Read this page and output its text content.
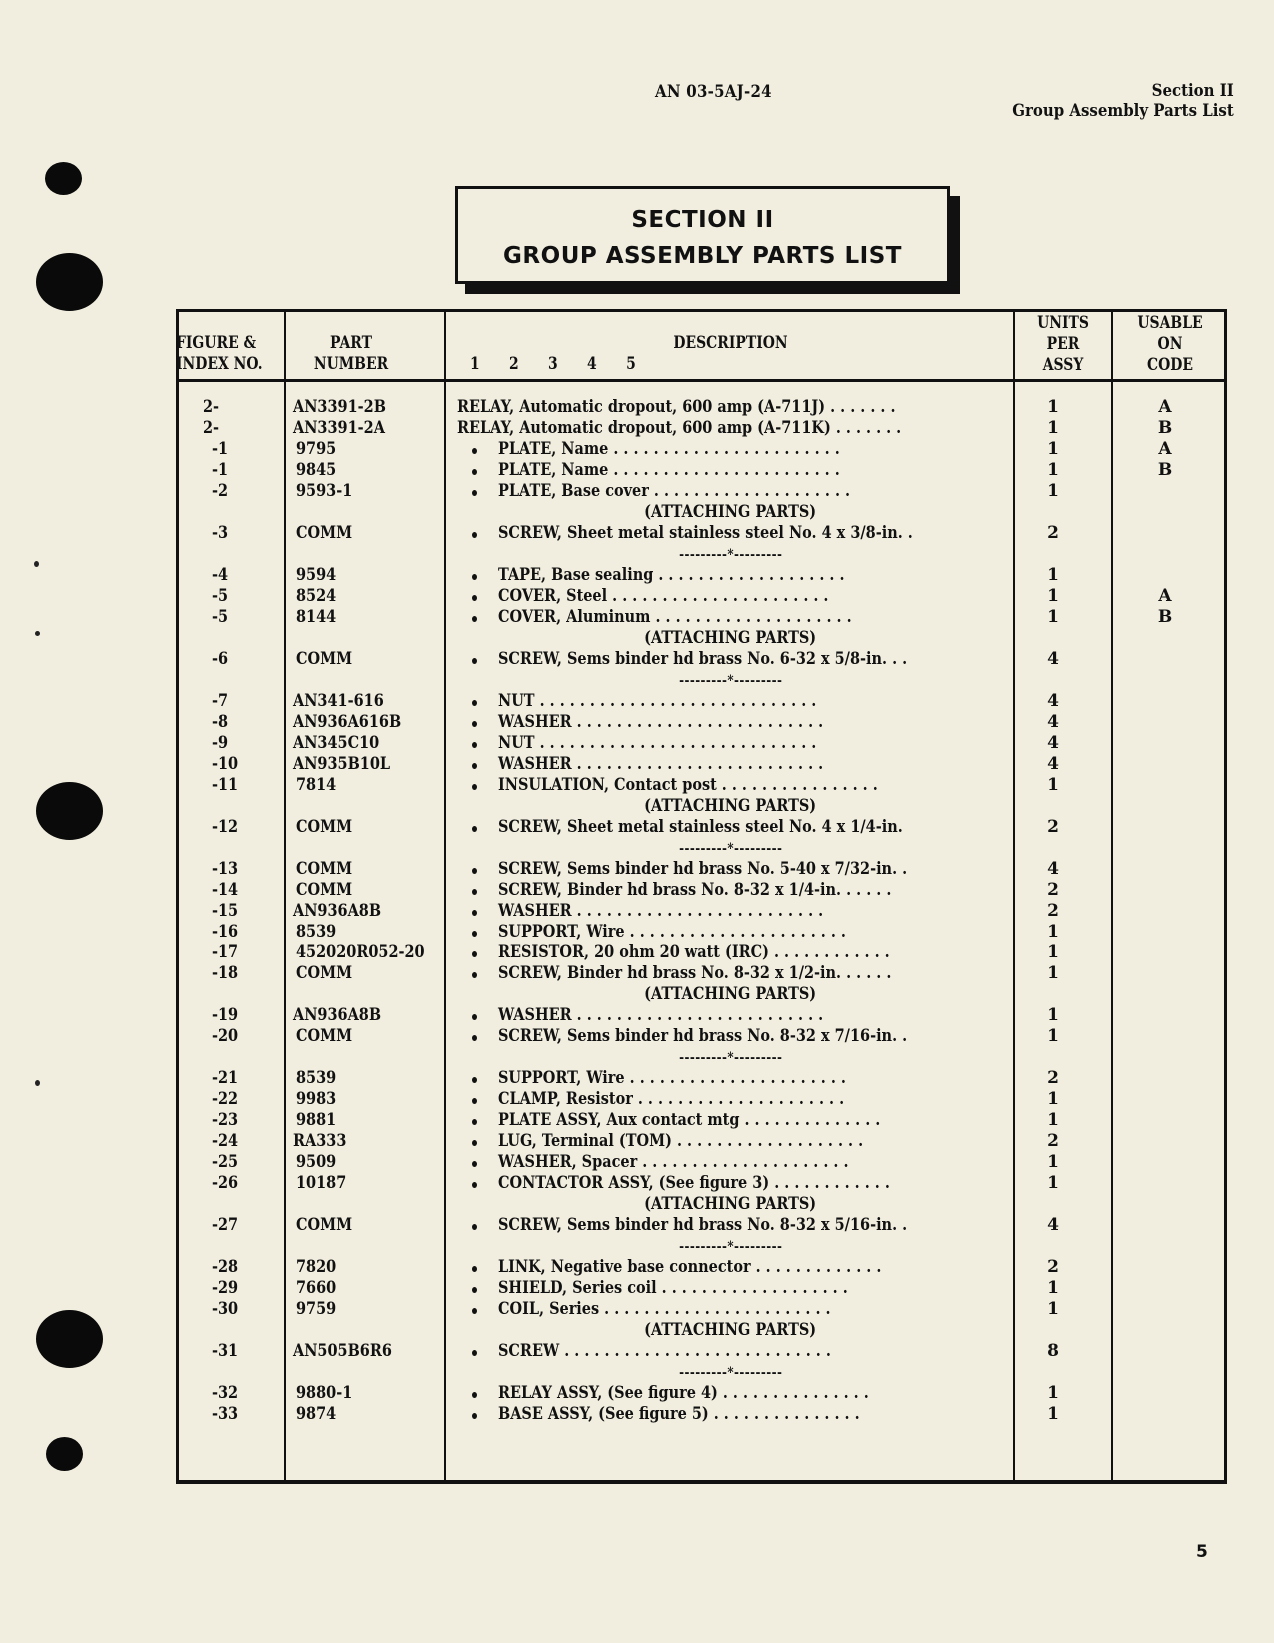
AN 03-5AJ-24	Section II
Group Assembly Parts List
SECTION II
GROUP ASSEMBLY PARTS LIST
FIGURE &
INDEX NO.
PART
NUMBER
DESCRIPTION
1   2   3   4   5
UNITS
PER
ASSY
USABLE
ON
CODE
2-	AN3391-2B	RELAY, Automatic dropout, 600 amp (A-711J) . . . . . . .	1	A
2-	AN3391-2A	RELAY, Automatic dropout, 600 amp (A-711K) . . . . . . .	1	B
-1	9795	PLATE, Name . . . . . . . . . . . . . . . . . . . . . . .	1	A
-1	9845	PLATE, Name . . . . . . . . . . . . . . . . . . . . . . .	1	B
-2	9593-1	PLATE, Base cover . . . . . . . . . . . . . . . . . . . .	1
(ATTACHING PARTS)
-3	COMM	SCREW, Sheet metal stainless steel No. 4 x 3/8-in. .	2
---------*---------
-4	9594	TAPE, Base sealing . . . . . . . . . . . . . . . . . . .	1
-5	8524	COVER, Steel . . . . . . . . . . . . . . . . . . . . . .	1	A
-5	8144	COVER, Aluminum . . . . . . . . . . . . . . . . . . . .	1	B
(ATTACHING PARTS)
-6	COMM	SCREW, Sems binder hd brass No. 6-32 x 5/8-in. . .	4
---------*---------
-7	AN341-616	NUT . . . . . . . . . . . . . . . . . . . . . . . . . . . .	4
-8	AN936A616B	WASHER . . . . . . . . . . . . . . . . . . . . . . . . .	4
-9	AN345C10	NUT . . . . . . . . . . . . . . . . . . . . . . . . . . . .	4
-10	AN935B10L	WASHER . . . . . . . . . . . . . . . . . . . . . . . . .	4
-11	7814	INSULATION, Contact post . . . . . . . . . . . . . . . .	1
(ATTACHING PARTS)
-12	COMM	SCREW, Sheet metal stainless steel No. 4 x 1/4-in.	2
---------*---------
-13	COMM	SCREW, Sems binder hd brass No. 5-40 x 7/32-in. .	4
-14	COMM	SCREW, Binder hd brass No. 8-32 x 1/4-in. . . . . .	2
-15	AN936A8B	WASHER . . . . . . . . . . . . . . . . . . . . . . . . .	2
-16	8539	SUPPORT, Wire . . . . . . . . . . . . . . . . . . . . . .	1
-17	452020R052-20	RESISTOR, 20 ohm 20 watt (IRC) . . . . . . . . . . . .	1
-18	COMM	SCREW, Binder hd brass No. 8-32 x 1/2-in. . . . . .	1
(ATTACHING PARTS)
-19	AN936A8B	WASHER . . . . . . . . . . . . . . . . . . . . . . . . .	1
-20	COMM	SCREW, Sems binder hd brass No. 8-32 x 7/16-in. .	1
---------*---------
-21	8539	SUPPORT, Wire . . . . . . . . . . . . . . . . . . . . . .	2
-22	9983	CLAMP, Resistor . . . . . . . . . . . . . . . . . . . . .	1
-23	9881	PLATE ASSY, Aux contact mtg . . . . . . . . . . . . . .	1
-24	RA333	LUG, Terminal (TOM) . . . . . . . . . . . . . . . . . . .	2
-25	9509	WASHER, Spacer . . . . . . . . . . . . . . . . . . . . .	1
-26	10187	CONTACTOR ASSY, (See figure 3) . . . . . . . . . . . .	1
(ATTACHING PARTS)
-27	COMM	SCREW, Sems binder hd brass No. 8-32 x 5/16-in. .	4
---------*---------
-28	7820	LINK, Negative base connector . . . . . . . . . . . . .	2
-29	7660	SHIELD, Series coil . . . . . . . . . . . . . . . . . . .	1
-30	9759	COIL, Series . . . . . . . . . . . . . . . . . . . . . . .	1
(ATTACHING PARTS)
-31	AN505B6R6	SCREW . . . . . . . . . . . . . . . . . . . . . . . . . . .	8
---------*---------
-32	9880-1	RELAY ASSY, (See figure 4) . . . . . . . . . . . . . . .	1
-33	9874	BASE ASSY, (See figure 5) . . . . . . . . . . . . . . .	1
5
